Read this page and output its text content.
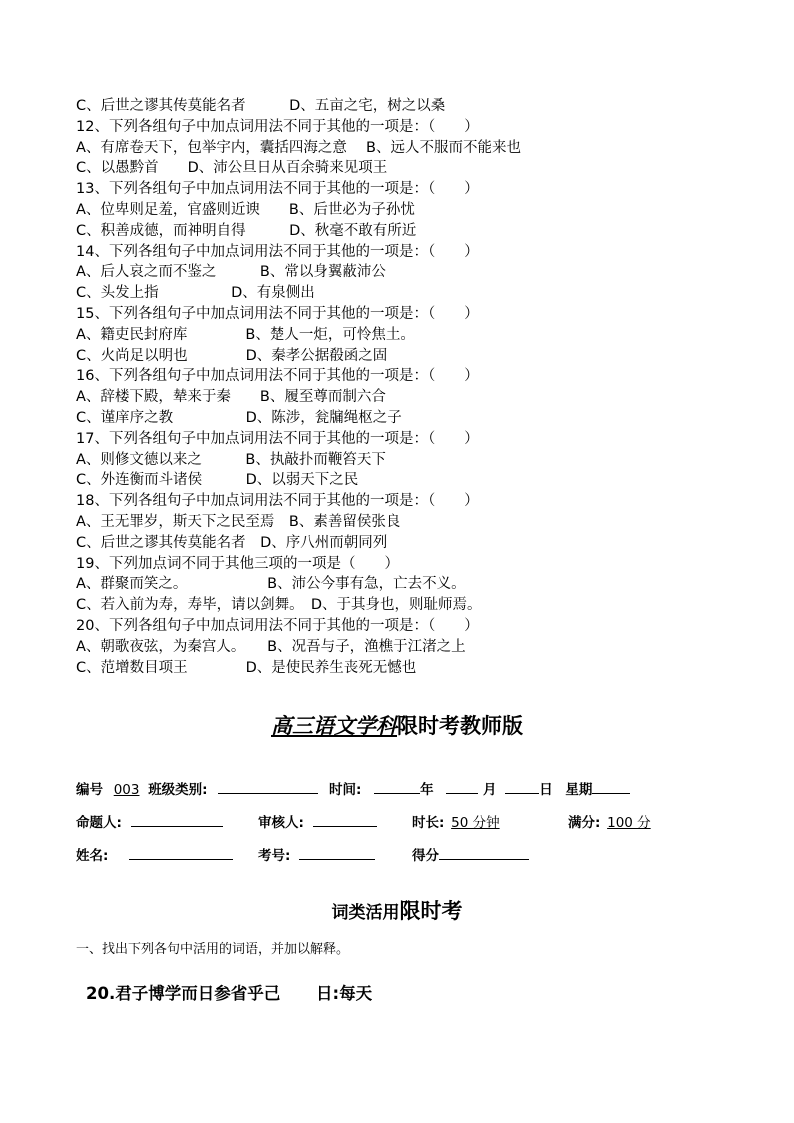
C、后世之谬其传莫能名者　　　D、五亩之宅，树之以桑
12、下列各组句子中加点词用法不同于其他的一项是：（　　）
A、有席卷天下，包举宇内，囊括四海之意　 B、远人不服而不能来也
C、以愚黔首　　D、沛公旦日从百余骑来见项王
13、下列各组句子中加点词用法不同于其他的一项是：（　　）
A、位卑则足羞，官盛则近谀　　B、后世必为子孙忧
C、积善成德，而神明自得　　　D、秋毫不敢有所近
14、下列各组句子中加点词用法不同于其他的一项是：（　　）
A、后人哀之而不鉴之　　　B、常以身翼蔽沛公
C、头发上指　　　　　D、有泉侧出
15、下列各组句子中加点词用法不同于其他的一项是：（　　）
A、籍吏民封府库　　　　B、楚人一炬，可怜焦土。
C、火尚足以明也　　　　D、秦孝公据殽函之固
16、下列各组句子中加点词用法不同于其他的一项是：（　　）
A、辞楼下殿，辇来于秦　　B、履至尊而制六合
C、谨庠序之教　　　　　D、陈涉，瓮牖绳枢之子
17、下列各组句子中加点词用法不同于其他的一项是：（　　）
A、则修文德以来之　　　B、执敲扑而鞭笞天下
C、外连衡而斗诸侯　　　D、以弱天下之民
18、下列各组句子中加点词用法不同于其他的一项是：（　　）
A、王无罪岁，斯天下之民至焉　B、素善留侯张良
C、后世之谬其传莫能名者　D、序八州而朝同列
19、下列加点词不同于其他三项的一项是（　　）
A、群聚而笑之。　　　　　　B、沛公今事有急，亡去不义。
C、若入前为寿，寿毕，请以剑舞。　D、于其身也，则耻师焉。
20、下列各组句子中加点词用法不同于其他的一项是：（　　）
A、朝歌夜弦，为秦宫人。　　B、况吾与子，渔樵于江渚之上
C、范增数目项王　　　　D、是使民养生丧死无憾也
高三语文学科限时考教师版
编号 003 班级类别:	时间:	年	月	日 星期
命题人:	审核人:	时长: 50 分钟	满分: 100 分
姓名:	考号:	得分
词类活用限时考
一、找出下列各句中活用的词语，并加以解释。
20.君子博学而日参省乎己 日:每天
